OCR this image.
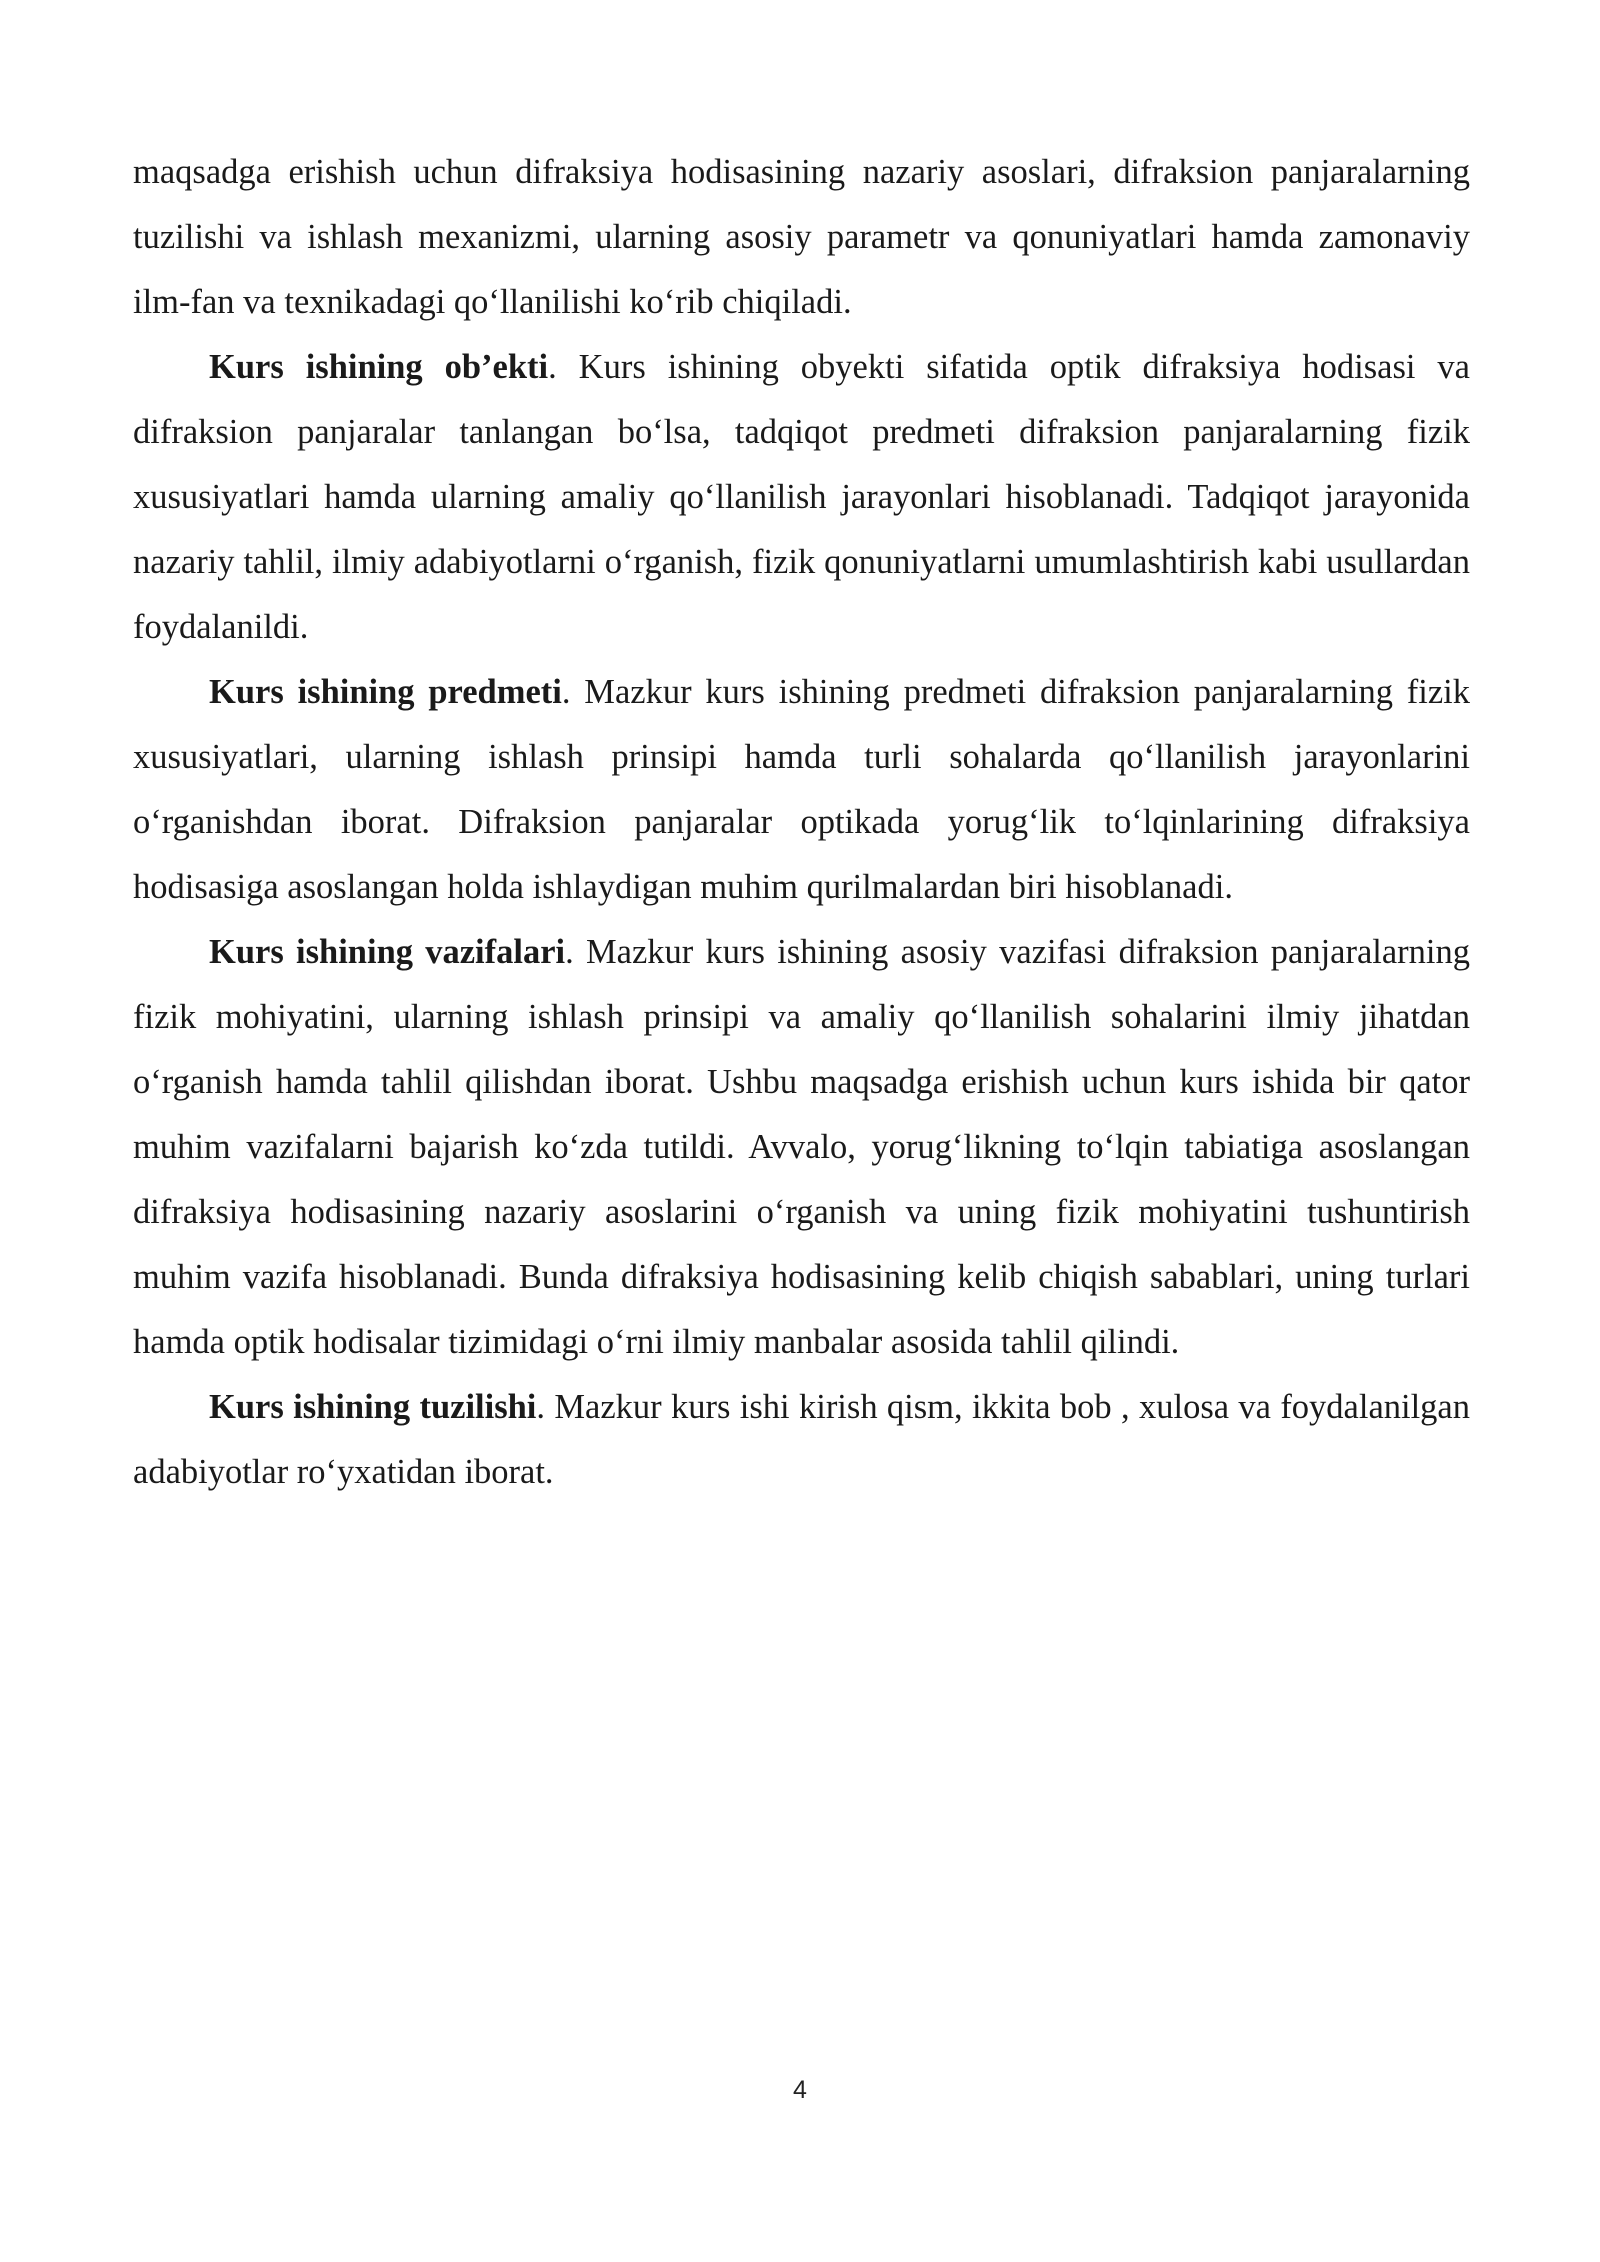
maqsadga erishish uchun difraksiya hodisasining nazariy asoslari, difraksion panjaralarning tuzilishi va ishlash mexanizmi, ularning asosiy parametr va qonuniyatlari hamda zamonaviy ilm-fan va texnikadagi qo‘llanilishi ko‘rib chiqiladi.

Kurs ishining ob’ekti. Kurs ishining obyekti sifatida optik difraksiya hodisasi va difraksion panjaralar tanlangan bo‘lsa, tadqiqot predmeti difraksion panjaralarning fizik xususiyatlari hamda ularning amaliy qo‘llanilish jarayonlari hisoblanadi. Tadqiqot jarayonida nazariy tahlil, ilmiy adabiyotlarni o‘rganish, fizik qonuniyatlarni umumlashtirish kabi usullardan foydalanildi.

Kurs ishining predmeti. Mazkur kurs ishining predmeti difraksion panjaralarning fizik xususiyatlari, ularning ishlash prinsipi hamda turli sohalarda qo‘llanilish jarayonlarini o‘rganishdan iborat. Difraksion panjaralar optikada yorug‘lik to‘lqinlarining difraksiya hodisasiga asoslangan holda ishlaydigan muhim qurilmalardan biri hisoblanadi.

Kurs ishining vazifalari. Mazkur kurs ishining asosiy vazifasi difraksion panjaralarning fizik mohiyatini, ularning ishlash prinsipi va amaliy qo‘llanilish sohalarini ilmiy jihatdan o‘rganish hamda tahlil qilishdan iborat. Ushbu maqsadga erishish uchun kurs ishida bir qator muhim vazifalarni bajarish ko‘zda tutildi. Avvalo, yorug‘likning to‘lqin tabiatiga asoslangan difraksiya hodisasining nazariy asoslarini o‘rganish va uning fizik mohiyatini tushuntirish muhim vazifa hisoblanadi. Bunda difraksiya hodisasining kelib chiqish sabablari, uning turlari hamda optik hodisalar tizimidagi o‘rni ilmiy manbalar asosida tahlil qilindi.

Kurs ishining tuzilishi. Mazkur kurs ishi kirish qism, ikkita bob , xulosa va foydalanilgan adabiyotlar ro‘yxatidan iborat.

4
